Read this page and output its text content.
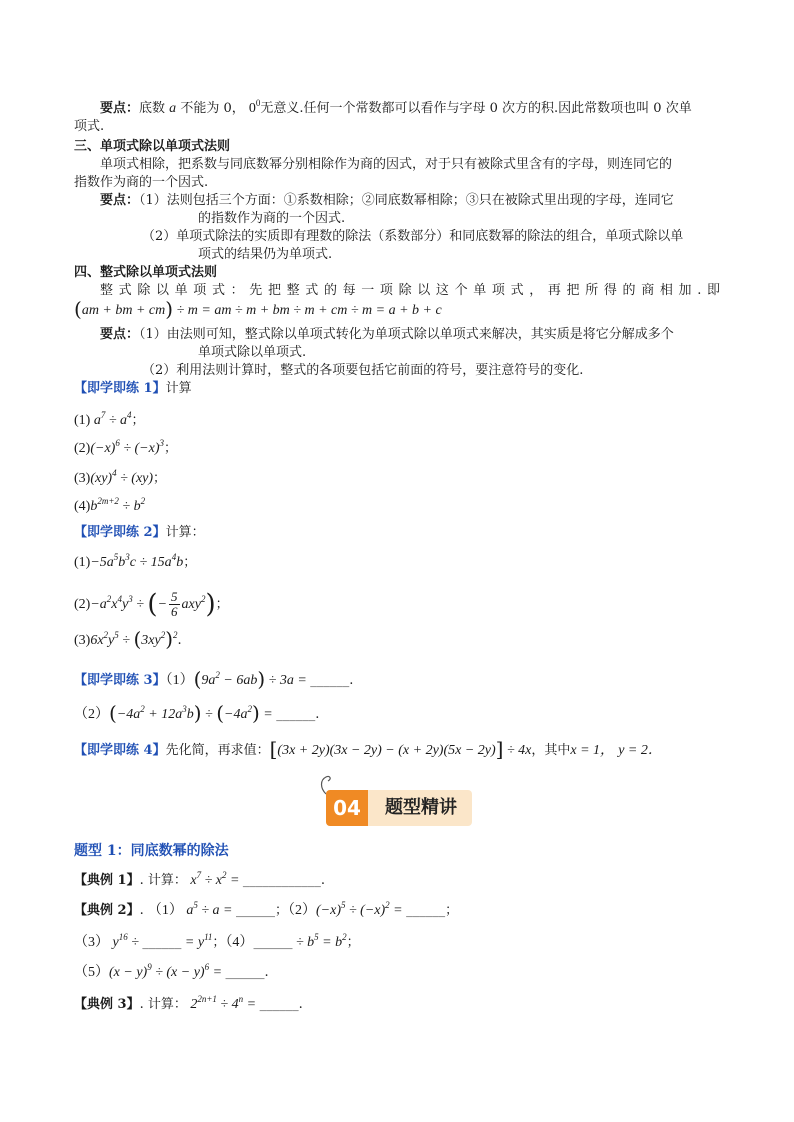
要点：底数 a 不能为 0， $0^0$无意义.任何一个常数都可以看作与字母 0 次方的积.因此常数项也叫 0 次单
项式.
三、单项式除以单项式法则
单项式相除，把系数与同底数幂分别相除作为商的因式，对于只有被除式里含有的字母，则连同它的
指数作为商的一个因式.
要点：（1）法则包括三个方面：①系数相除；②同底数幂相除；③只在被除式里出现的字母，连同它
的指数作为商的一个因式.
（2）单项式除法的实质即有理数的除法（系数部分）和同底数幂的除法的组合，单项式除以单
项式的结果仍为单项式.
四、整式除以单项式法则
整式除以单项式：先把整式的每一项除以这个单项式，再把所得的商相加.即
(am + bm + cm) ÷ m = am ÷ m + bm ÷ m + cm ÷ m = a + b + c
要点：（1）由法则可知，整式除以单项式转化为单项式除以单项式来解决，其实质是将它分解成多个
单项式除以单项式.
（2）利用法则计算时，整式的各项要包括它前面的符号，要注意符号的变化.
【即学即练 1】计算
(1) $a^7 \div a^4$；
$(2)(-x)^6 \div (-x)^3$；
(3)(xy)$^4$ ÷ (xy)；
$(4)b^{2m+2} \div b^2$
【即学即练 2】计算：
$(1)-5a^5b^3c \div 15a^4b$；
$(2)-a^2x^4y^3$ ÷ (− $\frac{5}{6} axy^2$)；
$(3)6x^2y^5 \div (3xy^2)^2$.
【即学即练 3】$(1)(9a^2 - 6ab) \div 3a$ = ______.
$(2)(-4a^2 + 12a^3b) \div (-4a^2)$ = ______.
【即学即练 4】先化简，再求值：[(3x + 2y)(3x − 2y) − (x + 2y)(5x − 2y)] ÷ 4x，其中x = 1， y = 2．
04	题型精讲
题型 1：同底数幂的除法
【典例 1】. 计算： $x^7 \div x^2$ = ____________.
【典例 2】. （1） $a^5 \div a$ = ______；$(2)(-x)^5 \div (-x)^2$ = ______；
（3） $y^{16}$ ÷ ______ = $y^{11}$；（4）______ ÷ $b^5 = b^2$；
$(5)(x - y)^9 \div (x - y)^6$ = ______.
【典例 3】. 计算： $2^{2n+1} \div 4^n$ = ______.
